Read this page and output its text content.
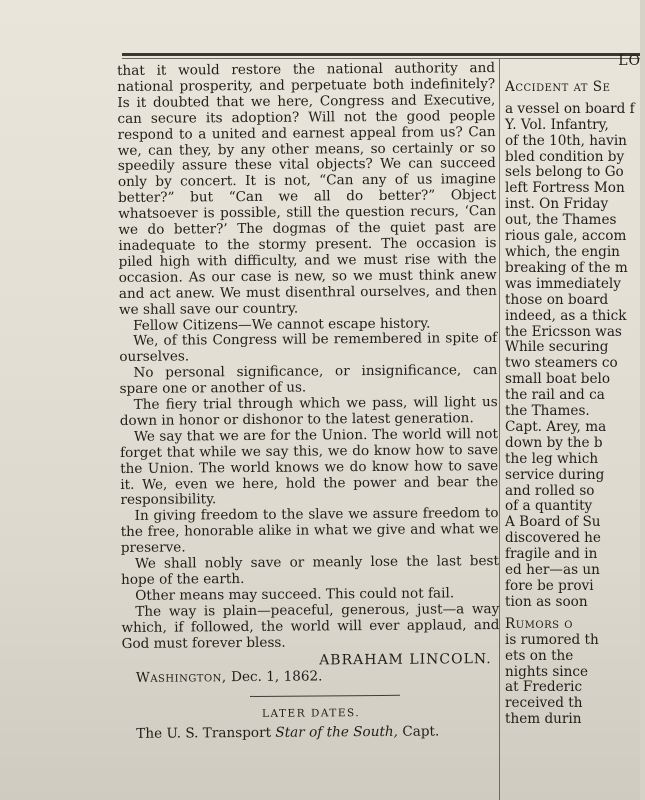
that it would restore the national authority and national prosperity, and perpetuate both indefinitely? Is it doubted that we here, Congress and Executive, can secure its adoption? Will not the good people respond to a united and earnest appeal from us? Can we, can they, by any other means, so certainly or so speedily assure these vital objects? We can succeed only by concert. It is not, “Can any of us imagine better?” but “Can we all do better?” Object whatsoever is possible, still the question recurs, ‘Can we do better?’ The dogmas of the quiet past are inadequate to the stormy present. The occasion is piled high with difficulty, and we must rise with the occasion. As our case is new, so we must think anew and act anew. We must disenthral ourselves, and then we shall save our country.

Fellow Citizens—We cannot escape history.

We, of this Congress will be remembered in spite of ourselves.

No personal significance, or insignificance, can spare one or another of us.

The fiery trial through which we pass, will light us down in honor or dishonor to the latest generation.

We say that we are for the Union. The world will not forget that while we say this, we do know how to save the Union. The world knows we do know how to save it. We, even we here, hold the power and bear the responsibility.

In giving freedom to the slave we assure freedom to the free, honorable alike in what we give and what we preserve.

We shall nobly save or meanly lose the last best hope of the earth.

Other means may succeed. This could not fail.

The way is plain—peaceful, generous, just—a way which, if followed, the world will ever applaud, and God must forever bless.

ABRAHAM LINCOLN.
Washington, Dec. 1, 1862.
LATER DATES.
The U. S. Transport Star of the South, Capt.
LO
Accident at Se
a vessel on board f
Y. Vol. Infantry,
of the 10th, havin
bled condition by
sels belong to Go
left Fortress Mon
inst. On Friday
out, the Thames
rious gale, accom
which, the engin
breaking of the m
was immediately
those on board
indeed, as a thick
the Ericsson was
While securing
two steamers co
small boat belo
the rail and ca
the Thames.
Capt. Arey, ma
down by the b
the leg which
service during
and rolled so
of a quantity
A Board of Su
discovered he
fragile and in
ed her—as un
fore be provi
tion as soon
Rumors o
is rumored th
ets on the
nights since
at Frederic
received th
them durin
